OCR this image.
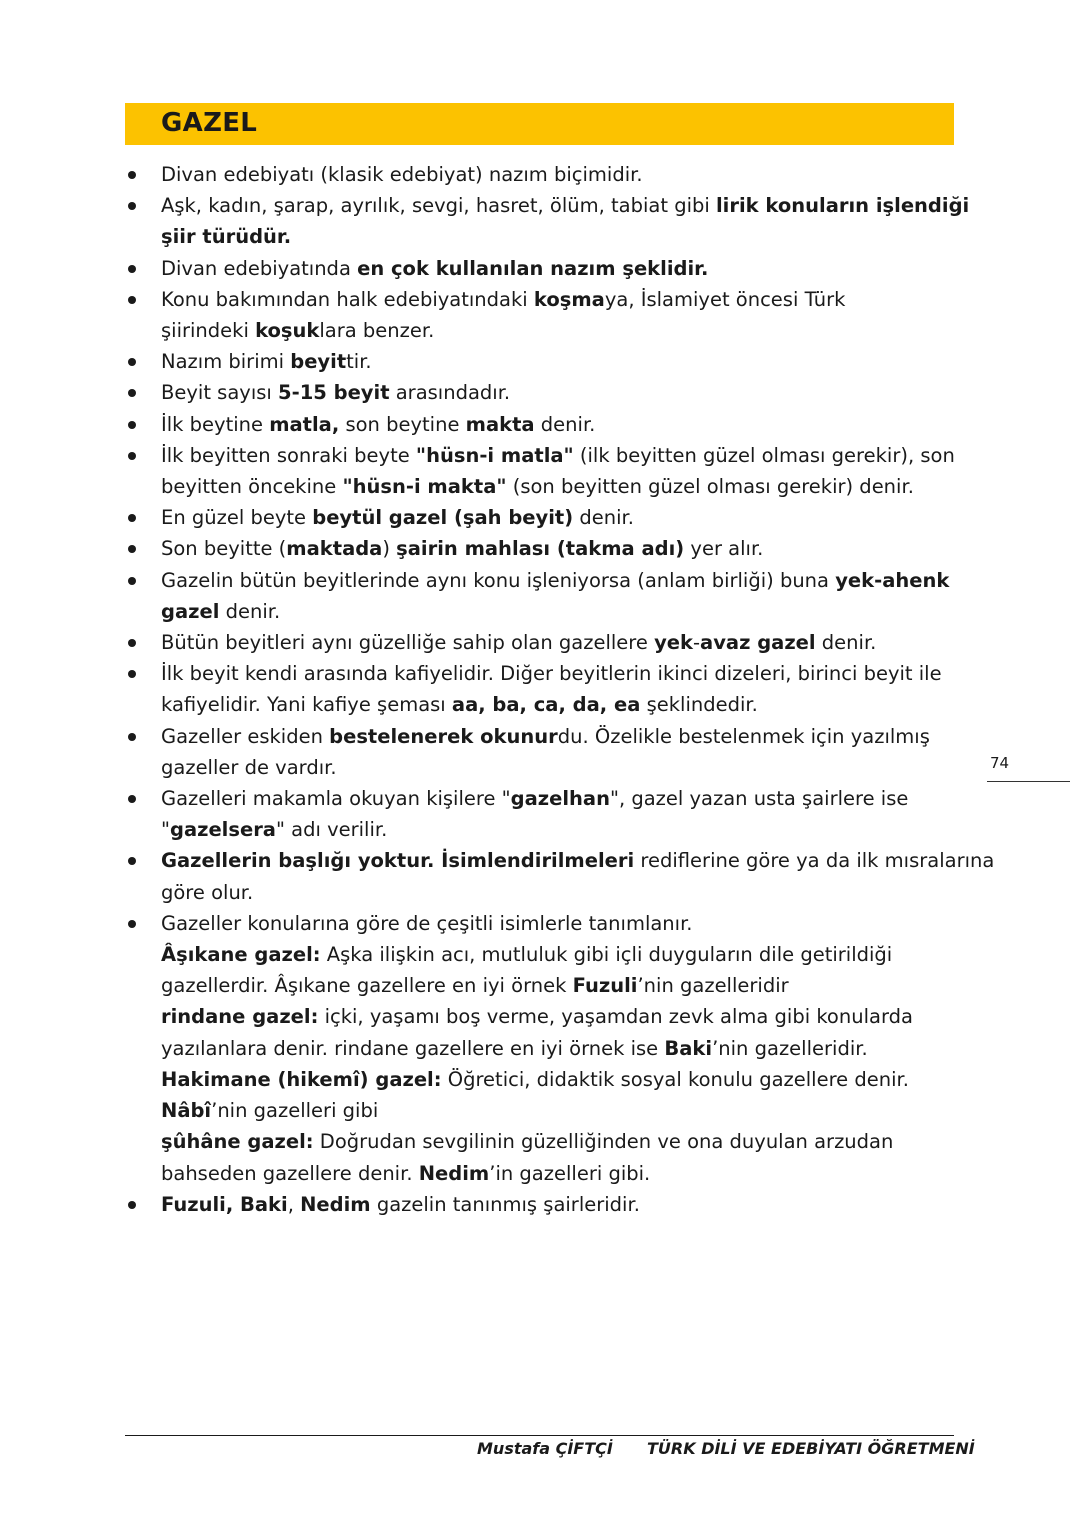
GAZEL
Divan edebiyatı (klasik edebiyat) nazım biçimidir.
Aşk, kadın, şarap, ayrılık, sevgi, hasret, ölüm, tabiat gibi lirik konuların işlendiği
şiir türüdür.
Divan edebiyatında en çok kullanılan nazım şeklidir.
Konu bakımından halk edebiyatındaki koşmaya, İslamiyet öncesi Türk
şiirindeki koşuklara benzer.
Nazım birimi beyittir.
Beyit sayısı 5-15 beyit arasındadır.
İlk beytine matla, son beytine makta denir.
İlk beyitten sonraki beyte "hüsn-i matla" (ilk beyitten güzel olması gerekir), son
beyitten öncekine "hüsn-i makta" (son beyitten güzel olması gerekir) denir.
En güzel beyte beytül gazel (şah beyit) denir.
Son beyitte (maktada) şairin mahlası (takma adı) yer alır.
Gazelin bütün beyitlerinde aynı konu işleniyorsa (anlam birliği) buna yek-ahenk
gazel denir.
Bütün beyitleri aynı güzelliğe sahip olan gazellere yek-avaz gazel denir.
İlk beyit kendi arasında kafiyelidir. Diğer beyitlerin ikinci dizeleri, birinci beyit ile
kafiyelidir. Yani kafiye şeması aa, ba, ca, da, ea şeklindedir.
Gazeller eskiden bestelenerek okunurdu. Özelikle bestelenmek için yazılmış
gazeller de vardır.
Gazelleri makamla okuyan kişilere "gazelhan", gazel yazan usta şairlere ise
"gazelsera" adı verilir.
Gazellerin başlığı yoktur. İsimlendirilmeleri rediflerine göre ya da ilk mısralarına
göre olur.
Gazeller konularına göre de çeşitli isimlerle tanımlanır.
Âşıkane gazel: Aşka ilişkin acı, mutluluk gibi içli duyguların dile getirildiği
gazellerdir. Âşıkane gazellere en iyi örnek Fuzuli’nin gazelleridir
rindane gazel: içki, yaşamı boş verme, yaşamdan zevk alma gibi konularda
yazılanlara denir. rindane gazellere en iyi örnek ise Baki’nin gazelleridir.
Hakimane (hikemî) gazel: Öğretici, didaktik sosyal konulu gazellere denir.
Nâbî’nin gazelleri gibi
şûhâne gazel: Doğrudan sevgilinin güzelliğinden ve ona duyulan arzudan
bahseden gazellere denir. Nedim’in gazelleri gibi.
Fuzuli, Baki, Nedim gazelin tanınmış şairleridir.
74
Mustafa ÇİFTÇİ TÜRK DİLİ VE EDEBİYATI ÖĞRETMENİ
